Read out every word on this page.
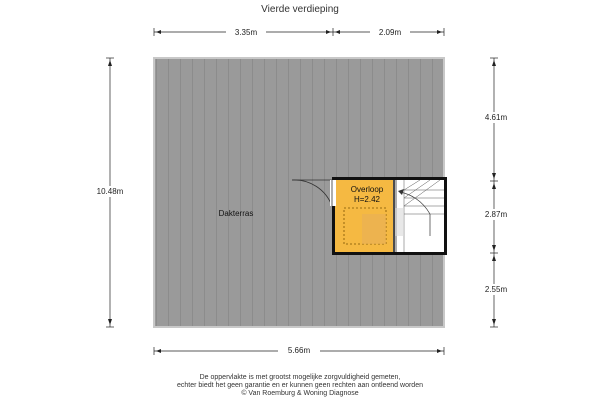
Vierde verdieping
Dakterras
Overloop
H=2.42
3.35m	2.09m
10.48m
4.61m
2.87m
2.55m
5.66m
De oppervlakte is met grootst mogelijke zorgvuldigheid gemeten,
echter biedt het geen garantie en er kunnen geen rechten aan ontleend worden
© Van Roemburg & Woning Diagnose
